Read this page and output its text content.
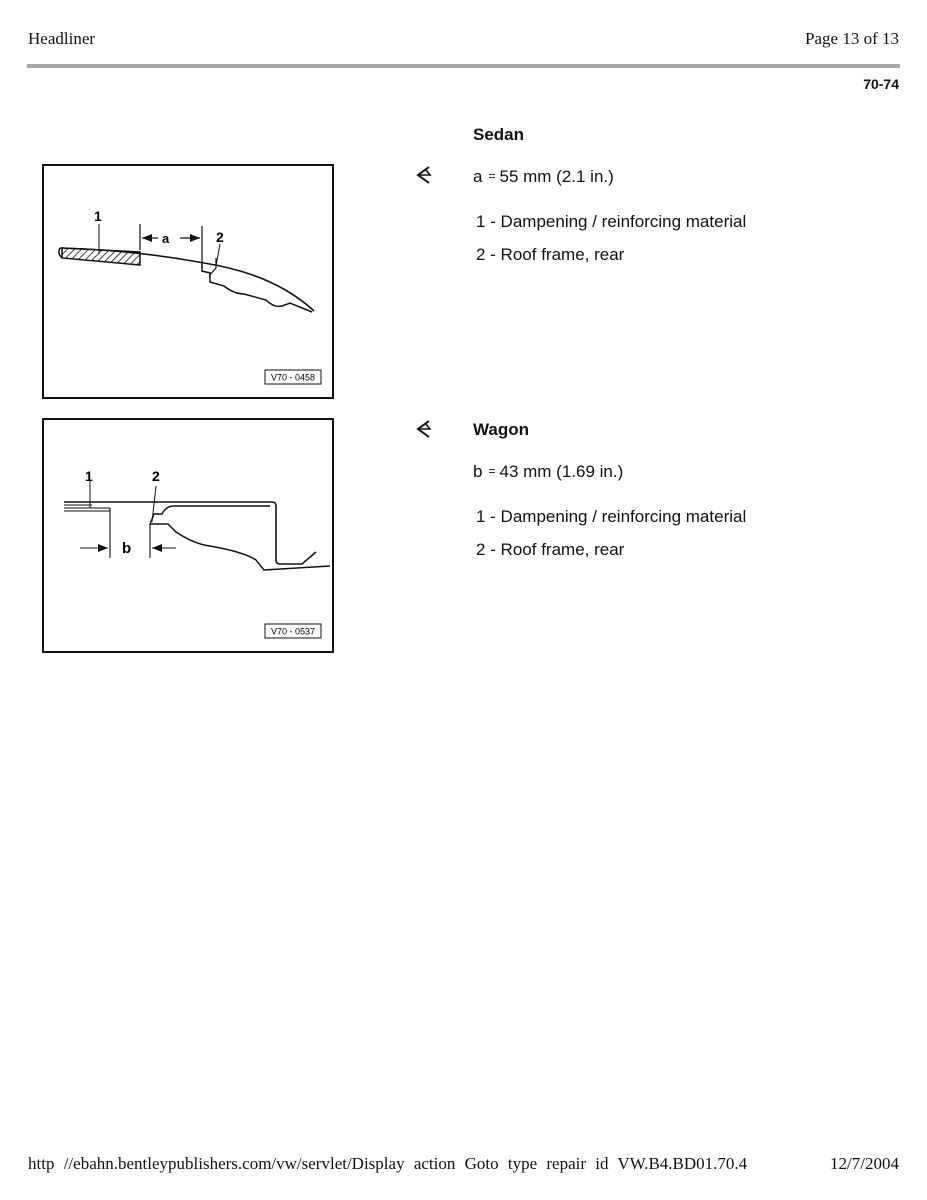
Headliner	Page 13 of 13
70-74
1
a	2
V70 - 0458
Sedan
a = 55 mm (2.1 in.)
1 - Dampening / reinforcing material
2 - Roof frame, rear
1
b
2
V70 - 0537
Wagon
b = 43 mm (1.69 in.)
1 - Dampening / reinforcing material
2 - Roof frame, rear
http //ebahn.bentleypublishers.com/vw/servlet/Display action Goto type repair id VW.B4.BD01.70.4	12/7/2004
